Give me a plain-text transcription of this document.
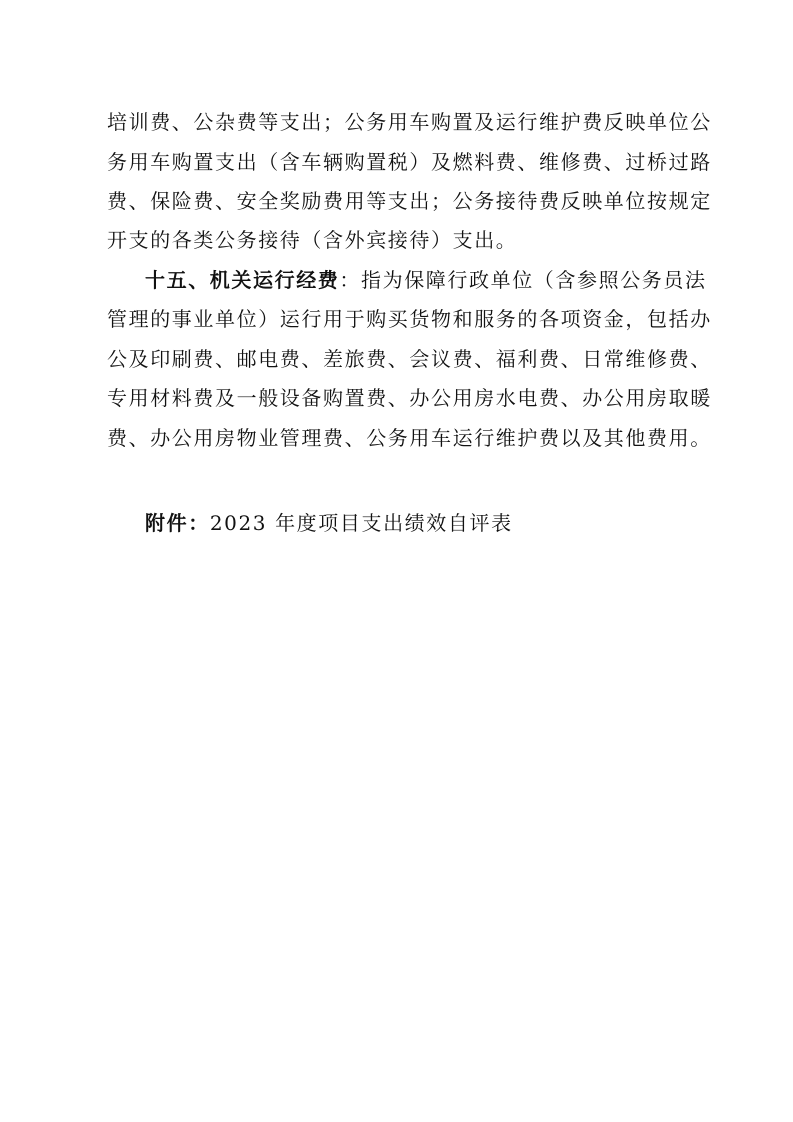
培训费、公杂费等支出；公务用车购置及运行维护费反映单位公
务用车购置支出（含车辆购置税）及燃料费、维修费、过桥过路
费、保险费、安全奖励费用等支出；公务接待费反映单位按规定
开支的各类公务接待（含外宾接待）支出。
十五、机关运行经费：指为保障行政单位（含参照公务员法
管理的事业单位）运行用于购买货物和服务的各项资金，包括办
公及印刷费、邮电费、差旅费、会议费、福利费、日常维修费、
专用材料费及一般设备购置费、办公用房水电费、办公用房取暖
费、办公用房物业管理费、公务用车运行维护费以及其他费用。
附件：2023 年度项目支出绩效自评表
